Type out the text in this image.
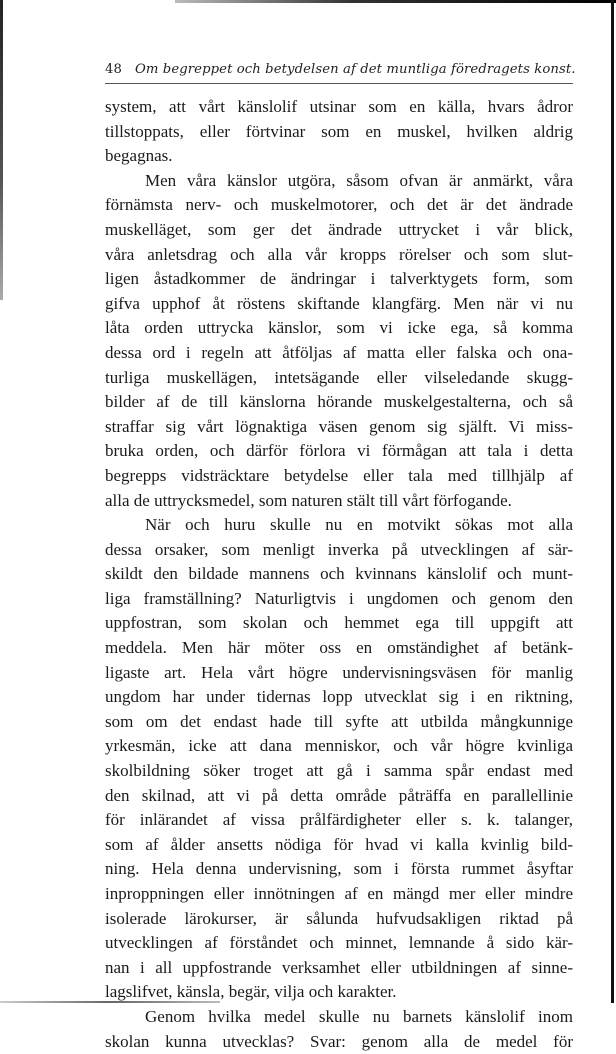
48 Om begreppet och betydelsen af det muntliga föredragets konst.
system, att vårt känslolif utsinar som en källa, hvars ådror
tillstoppats, eller förtvinar som en muskel, hvilken aldrig
begagnas.
Men våra känslor utgöra, såsom ofvan är anmärkt, våra
förnämsta nerv- och muskelmotorer, och det är det ändrade
muskelläget, som ger det ändrade uttrycket i vår blick,
våra anletsdrag och alla vår kropps rörelser och som slut-
ligen åstadkommer de ändringar i talverktygets form, som
gifva upphof åt röstens skiftande klangfärg. Men när vi nu
låta orden uttrycka känslor, som vi icke ega, så komma
dessa ord i regeln att åtföljas af matta eller falska och ona-
turliga muskellägen, intetsägande eller vilseledande skugg-
bilder af de till känslorna hörande muskelgestalterna, och så
straffar sig vårt lögnaktiga väsen genom sig själft. Vi miss-
bruka orden, och därför förlora vi förmågan att tala i detta
begrepps vidsträcktare betydelse eller tala med tillhjälp af
alla de uttrycksmedel, som naturen stält till vårt förfogande.
När och huru skulle nu en motvikt sökas mot alla
dessa orsaker, som menligt inverka på utvecklingen af sär-
skildt den bildade mannens och kvinnans känslolif och munt-
liga framställning? Naturligtvis i ungdomen och genom den
uppfostran, som skolan och hemmet ega till uppgift att
meddela. Men här möter oss en omständighet af betänk-
ligaste art. Hela vårt högre undervisningsväsen för manlig
ungdom har under tidernas lopp utvecklat sig i en riktning,
som om det endast hade till syfte att utbilda mångkunnige
yrkesmän, icke att dana menniskor, och vår högre kvinliga
skolbildning söker troget att gå i samma spår endast med
den skilnad, att vi på detta område påträffa en parallellinie
för inlärandet af vissa prålfärdigheter eller s. k. talanger,
som af ålder ansetts nödiga för hvad vi kalla kvinlig bild-
ning. Hela denna undervisning, som i första rummet åsyftar
inproppningen eller innötningen af en mängd mer eller mindre
isolerade lärokurser, är sålunda hufvudsakligen riktad på
utvecklingen af förståndet och minnet, lemnande å sido kär-
nan i all uppfostrande verksamhet eller utbildningen af sinne-
lagslifvet, känsla, begär, vilja och karakter.
Genom hvilka medel skulle nu barnets känslolif inom
skolan kunna utvecklas? Svar: genom alla de medel för
